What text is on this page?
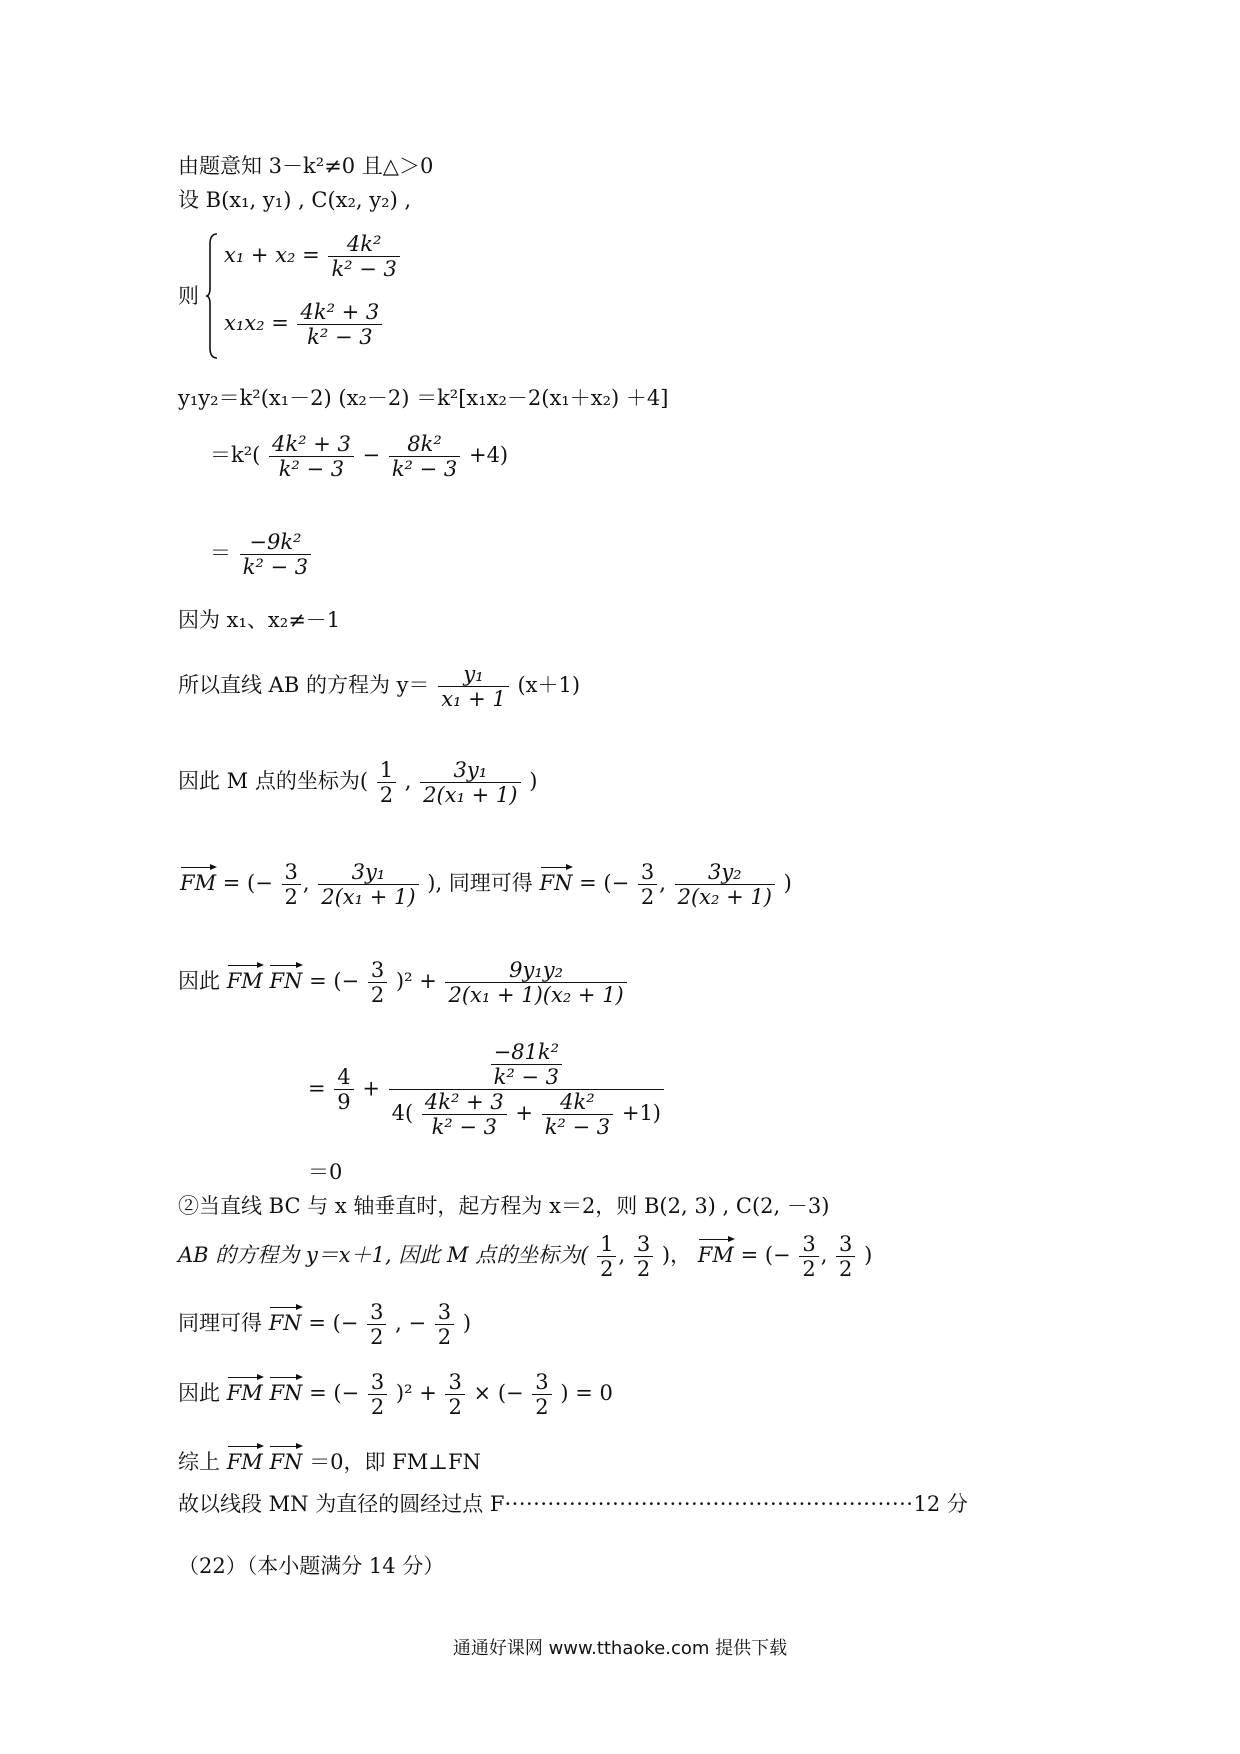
由题意知 3－k²≠0 且△＞0
设 B(x₁, y₁) , C(x₂, y₂) ,
则
$x_1 + x_2 = \frac{\text{4k²}}{\text{k² − 3}}$
$x_1x_2 = \frac{\text{4k² + 3}}{\text{k² − 3}}$
y₁y₂＝k²(x₁－2) (x₂－2) ＝k²[x₁x₂－2(x₁＋x₂) ＋4]
$=k^2( \frac{\text{4k² + 3}}{\text{k² − 3}} - \frac{\text{8k²}}{\text{k² − 3}} +4)$
＝ $\frac{\text{−9k²}}{\text{k² − 3}}$
因为 x₁、x₂≠－1
所以直线 AB 的方程为 $y= \frac{\text{y₁}}{\text{x₁ + 1}} (x+1)$
因此 M 点的坐标为( $\frac{1}{2}$ , $\frac{\text{3y₁}}{\text{2(x₁ + 1)}}$ )
FM = (− $\frac{3}{2}$ , $\frac{\text{3y₁}}{\text{2(x₁ + 1)}}$ ), 同理可得 FN = (− $\frac{3}{2}$ , $\frac{\text{3y₂}}{\text{2(x₂ + 1)}}$ )
因此 FM FN = (− $\frac{3}{2} )^2 + \frac{\text{9y₁y₂}}{\text{2(x₁ + 1)(x₂ + 1)}}$
= $\frac{4}{9}$ +	$\frac{\text{−81k²}}{\text{k² − 3}}$
$4( \frac{\text{4k² + 3}}{\text{k² − 3}} + \frac{\text{4k²}}{\text{k² − 3}} +1)$
＝0
②当直线 BC 与 x 轴垂直时，起方程为 x＝2，则 B(2, 3) , C(2, －3)
AB 的方程为 y＝x＋1, 因此 M 点的坐标为( $\frac{1}{2}$ , $\frac{3}{2}$ )， FM = (− $\frac{3}{2}$ , $\frac{3}{2}$ )
同理可得 FN = (− $\frac{3}{2}$ , − $\frac{3}{2}$ )
因此 FM FN = (− $\frac{3}{2} )^2 + \frac{3}{2}$ × (− $\frac{3}{2}$ ) = 0
综上 FM FN ＝0，即 FM⊥FN
故以线段 MN 为直径的圆经过点 F·························································12 分
（22）（本小题满分 14 分）
通通好课网 www.tthaoke.com 提供下载
